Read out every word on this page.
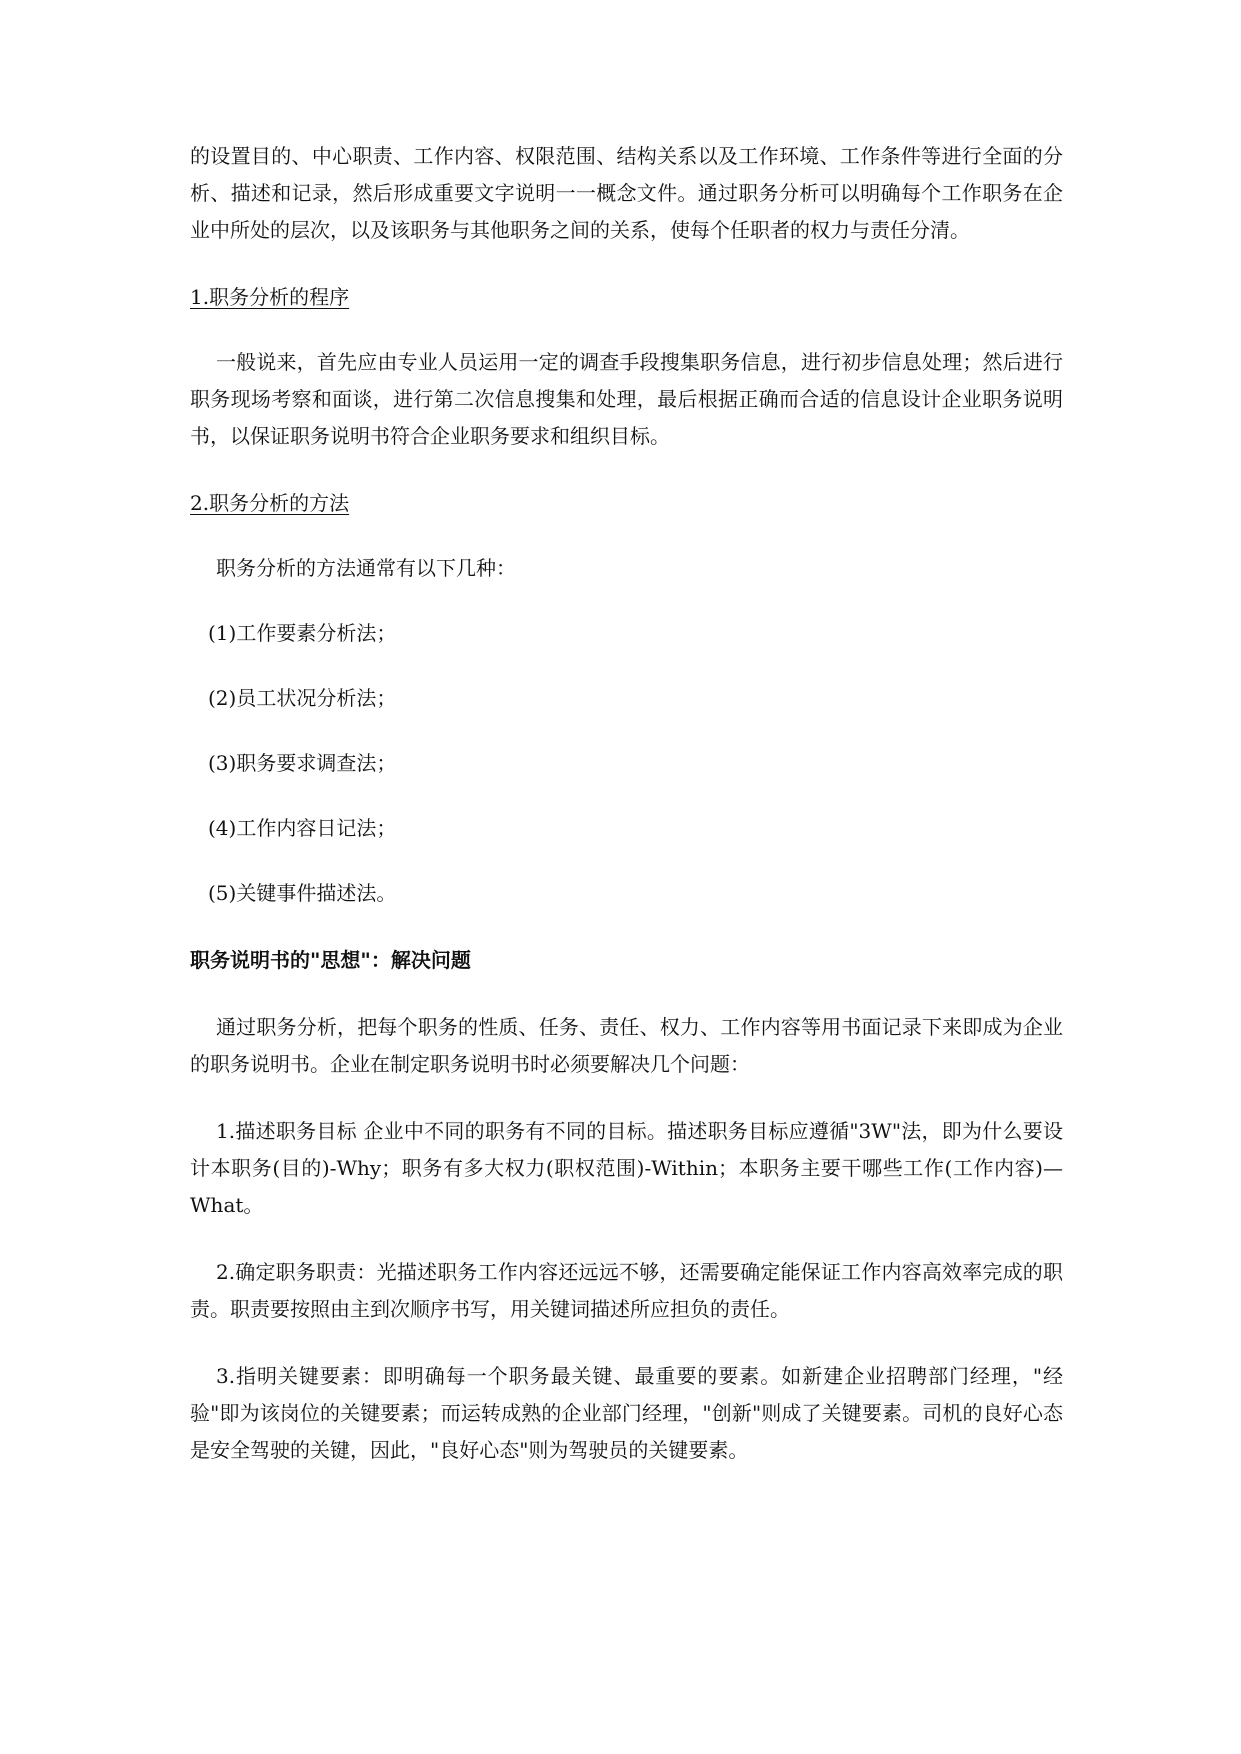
的设置目的、中心职责、工作内容、权限范围、结构关系以及工作环境、工作条件等进行全面的分析、描述和记录，然后形成重要文字说明一一概念文件。通过职务分析可以明确每个工作职务在企业中所处的层次，以及该职务与其他职务之间的关系，使每个任职者的权力与责任分清。

1.职务分析的程序

一般说来，首先应由专业人员运用一定的调查手段搜集职务信息，进行初步信息处理；然后进行职务现场考察和面谈，进行第二次信息搜集和处理，最后根据正确而合适的信息设计企业职务说明书，以保证职务说明书符合企业职务要求和组织目标。

2.职务分析的方法

职务分析的方法通常有以下几种：

(1)工作要素分析法；

(2)员工状况分析法；

(3)职务要求调查法；

(4)工作内容日记法；

(5)关键事件描述法。

职务说明书的"思想"：解决问题

通过职务分析，把每个职务的性质、任务、责任、权力、工作内容等用书面记录下来即成为企业的职务说明书。企业在制定职务说明书时必须要解决几个问题：

1.描述职务目标 企业中不同的职务有不同的目标。描述职务目标应遵循"3W"法，即为什么要设计本职务(目的)-Why；职务有多大权力(职权范围)-Within；本职务主要干哪些工作(工作内容)—What。

2.确定职务职责：光描述职务工作内容还远远不够，还需要确定能保证工作内容高效率完成的职责。职责要按照由主到次顺序书写，用关键词描述所应担负的责任。

3.指明关键要素：即明确每一个职务最关键、最重要的要素。如新建企业招聘部门经理，"经验"即为该岗位的关键要素；而运转成熟的企业部门经理，"创新"则成了关键要素。司机的良好心态是安全驾驶的关键，因此，"良好心态"则为驾驶员的关键要素。
